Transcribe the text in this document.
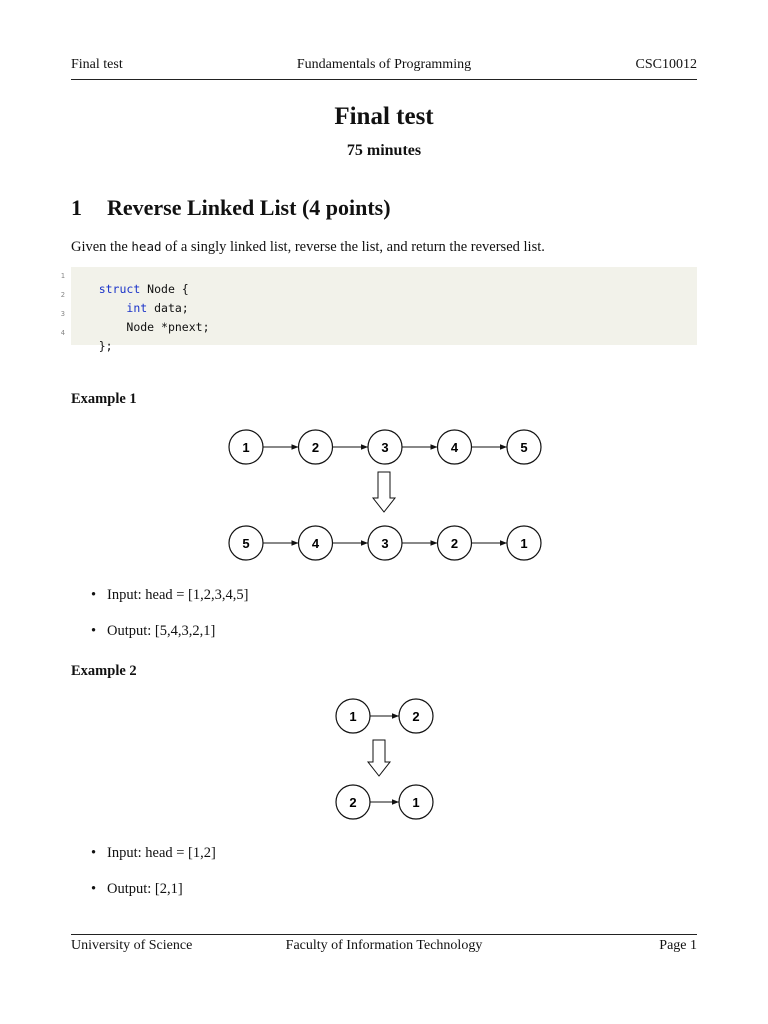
Final test	Fundamentals of Programming	CSC10012
Final test
75 minutes
1 Reverse Linked List (4 points)
Given the head of a singly linked list, reverse the list, and return the reversed list.

1
struct Node {

2
int data;

3
Node *pnext;

4
};

Example 1
1	2	3	4	5
5	4	3	2	1
1	2
2	1
• Input: head = [1,2,3,4,5]
• Output: [5,4,3,2,1]
Example 2
• Input: head = [1,2]
• Output: [2,1]
University of Science	Faculty of Information Technology	Page 1
